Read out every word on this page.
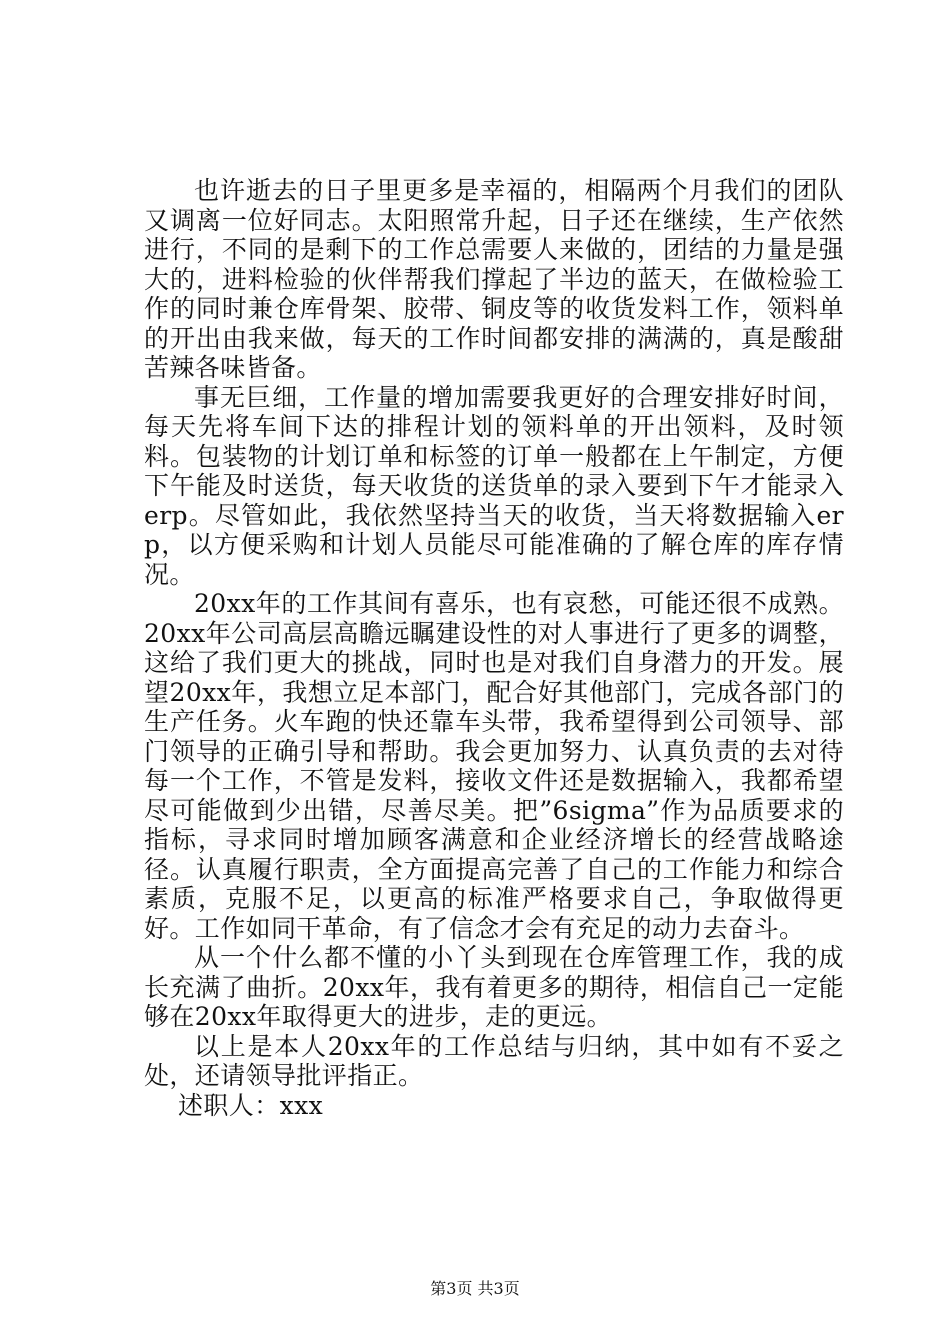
也许逝去的日子里更多是幸福的，相隔两个月我们的团队又调离一位好同志。太阳照常升起，日子还在继续，生产依然进行，不同的是剩下的工作总需要人来做的，团结的力量是强大的，进料检验的伙伴帮我们撑起了半边的蓝天，在做检验工作的同时兼仓库骨架、胶带、铜皮等的收货发料工作，领料单的开出由我来做，每天的工作时间都安排的满满的，真是酸甜苦辣各味皆备。

事无巨细，工作量的增加需要我更好的合理安排好时间，每天先将车间下达的排程计划的领料单的开出领料，及时领料。包装物的计划订单和标签的订单一般都在上午制定，方便下午能及时送货，每天收货的送货单的录入要到下午才能录入erp。尽管如此，我依然坚持当天的收货，当天将数据输入erp，以方便采购和计划人员能尽可能准确的了解仓库的库存情况。

20xx年的工作其间有喜乐，也有哀愁，可能还很不成熟。20xx年公司高层高瞻远瞩建设性的对人事进行了更多的调整，这给了我们更大的挑战，同时也是对我们自身潜力的开发。展望20xx年，我想立足本部门，配合好其他部门，完成各部门的生产任务。火车跑的快还靠车头带，我希望得到公司领导、部门领导的正确引导和帮助。我会更加努力、认真负责的去对待每一个工作，不管是发料，接收文件还是数据输入，我都希望尽可能做到少出错，尽善尽美。把”6sigma”作为品质要求的指标，寻求同时增加顾客满意和企业经济增长的经营战略途径。认真履行职责，全方面提高完善了自己的工作能力和综合素质，克服不足，以更高的标准严格要求自己，争取做得更好。工作如同干革命，有了信念才会有充足的动力去奋斗。

从一个什么都不懂的小丫头到现在仓库管理工作，我的成长充满了曲折。20xx年，我有着更多的期待，相信自己一定能够在20xx年取得更大的进步，走的更远。

以上是本人20xx年的工作总结与归纳，其中如有不妥之处，还请领导批评指正。

述职人：xxx

第3页 共3页
